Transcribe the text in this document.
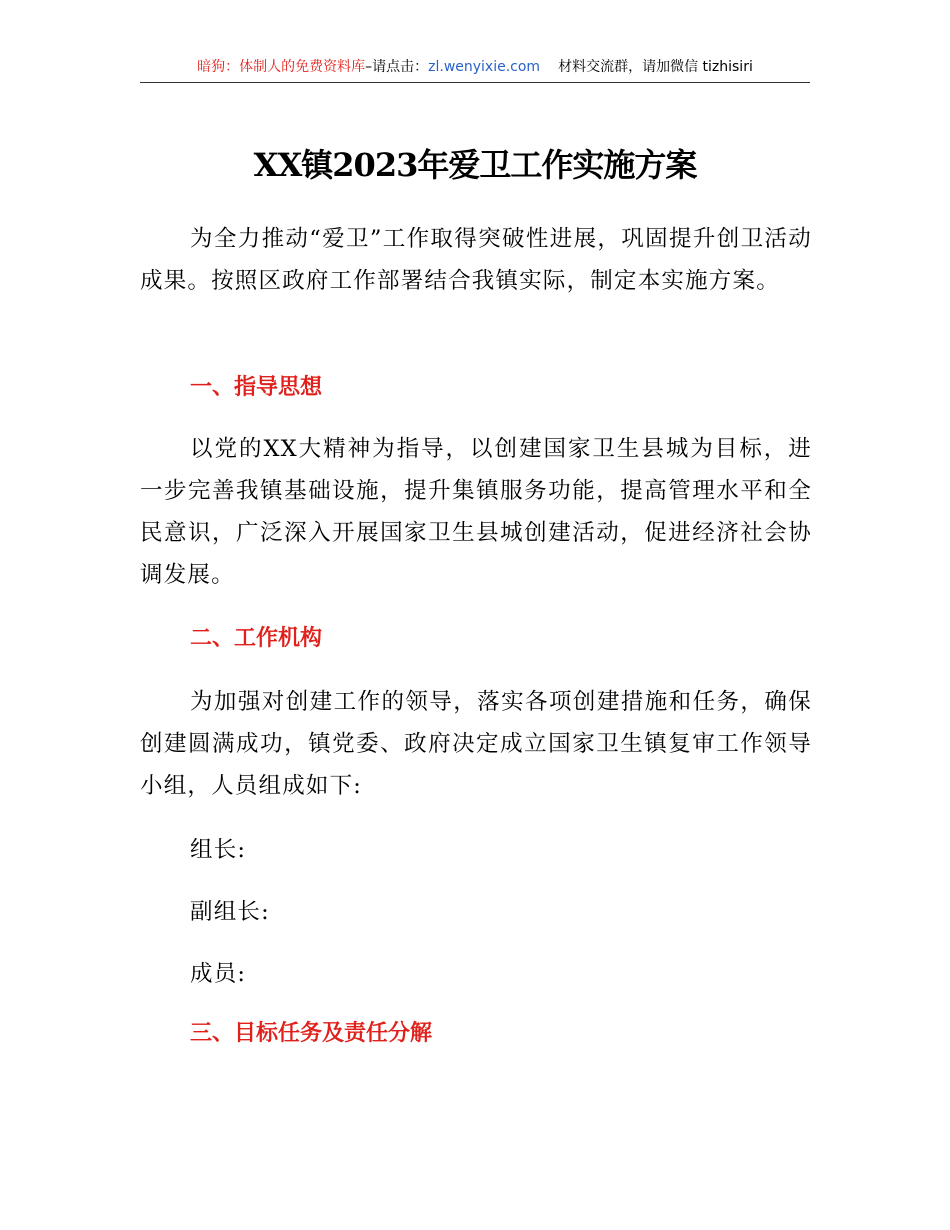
暗狗：体制人的免费资料库–请点击：zl.wenyixie.com 材料交流群，请加微信 tizhisiri
XX镇2023年爱卫工作实施方案

为全力推动“爱卫”工作取得突破性进展，巩固提升创卫活动成果。按照区政府工作部署结合我镇实际，制定本实施方案。

一、指导思想

以党的XX大精神为指导，以创建国家卫生县城为目标，进一步完善我镇基础设施，提升集镇服务功能，提高管理水平和全民意识，广泛深入开展国家卫生县城创建活动，促进经济社会协调发展。

二、工作机构

为加强对创建工作的领导，落实各项创建措施和任务，确保创建圆满成功，镇党委、政府决定成立国家卫生镇复审工作领导小组，人员组成如下:

组长:
副组长:
成员:
三、目标任务及责任分解
